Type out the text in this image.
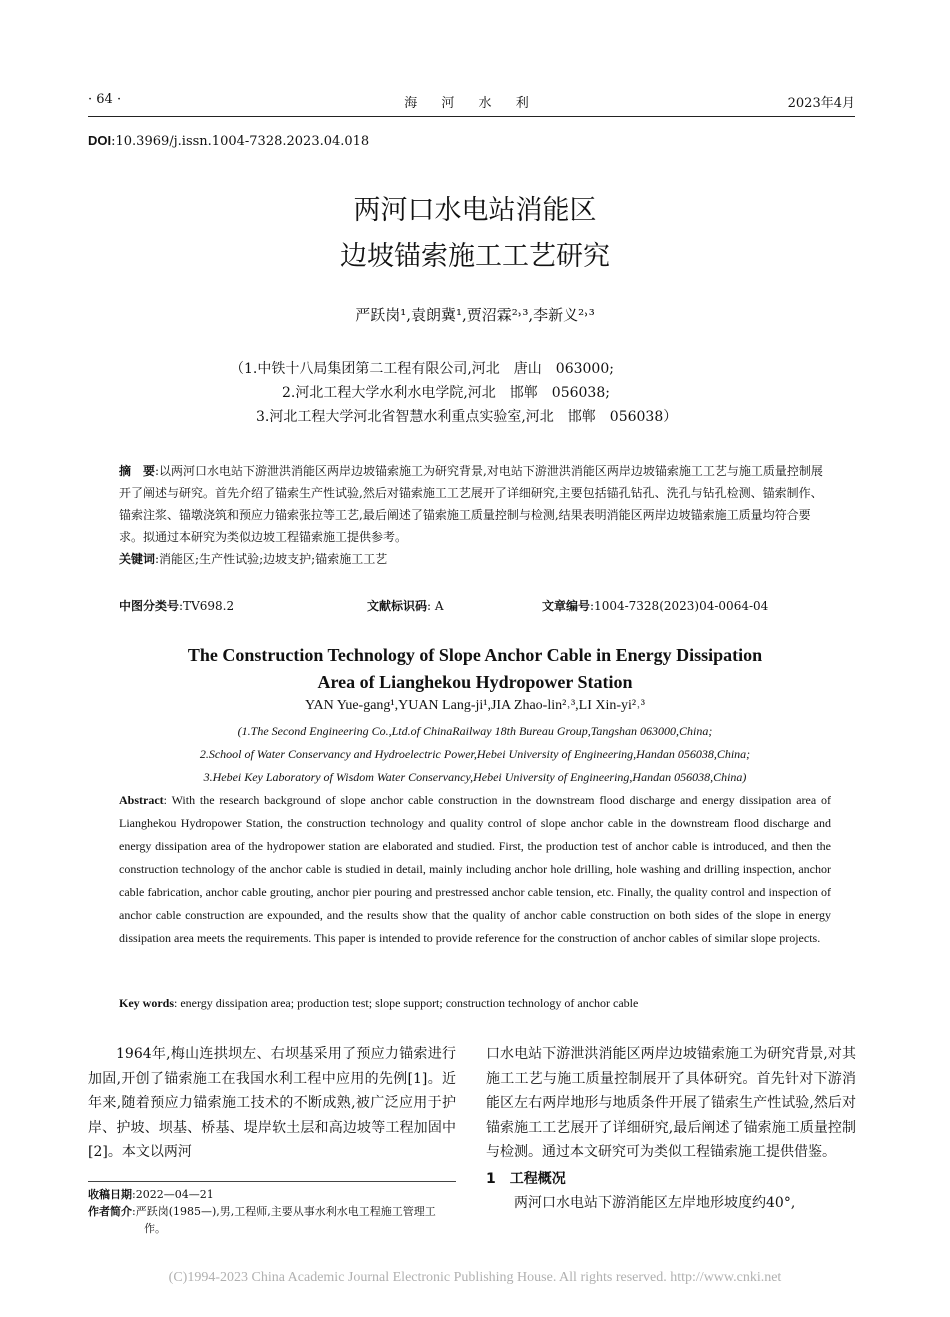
· 64 ·	海 河 水 利	2023年4月
DOI:10.3969/j.issn.1004-7328.2023.04.018
两河口水电站消能区
边坡锚索施工工艺研究
严跃岗¹,袁朗冀¹,贾沼霖²˒³,李新义²˒³
（1.中铁十八局集团第二工程有限公司,河北　唐山　063000;
2.河北工程大学水利水电学院,河北　邯郸　056038;
3.河北工程大学河北省智慧水利重点实验室,河北　邯郸　056038）
摘　要:以两河口水电站下游泄洪消能区两岸边坡锚索施工为研究背景,对电站下游泄洪消能区两岸边坡锚索施工工艺与施工质量控制展开了阐述与研究。首先介绍了锚索生产性试验,然后对锚索施工工艺展开了详细研究,主要包括锚孔钻孔、洗孔与钻孔检测、锚索制作、锚索注浆、锚墩浇筑和预应力锚索张拉等工艺,最后阐述了锚索施工质量控制与检测,结果表明消能区两岸边坡锚索施工质量均符合要求。拟通过本研究为类似边坡工程锚索施工提供参考。
关键词:消能区;生产性试验;边坡支护;锚索施工工艺
中图分类号:TV698.2	文献标识码: A	文章编号:1004-7328(2023)04-0064-04
The Construction Technology of Slope Anchor Cable in Energy Dissipation
Area of Lianghekou Hydropower Station
YAN Yue-gang¹,YUAN Lang-ji¹,JIA Zhao-lin²˒³,LI Xin-yi²˒³
(1.The Second Engineering Co.,Ltd.of ChinaRailway 18th Bureau Group,Tangshan 063000,China;
2.School of Water Conservancy and Hydroelectric Power,Hebei University of Engineering,Handan 056038,China;
3.Hebei Key Laboratory of Wisdom Water Conservancy,Hebei University of Engineering,Handan 056038,China)
Abstract: With the research background of slope anchor cable construction in the downstream flood discharge and energy dissipation area of Lianghekou Hydropower Station, the construction technology and quality control of slope anchor cable in the downstream flood discharge and energy dissipation area of the hydropower station are elaborated and studied. First, the production test of anchor cable is introduced, and then the construction technology of the anchor cable is studied in detail, mainly including anchor hole drilling, hole washing and drilling inspection, anchor cable fabrication, anchor cable grouting, anchor pier pouring and prestressed anchor cable tension, etc. Finally, the quality control and inspection of anchor cable construction are expounded, and the results show that the quality of anchor cable construction on both sides of the slope in energy dissipation area meets the requirements. This paper is intended to provide reference for the construction of anchor cables of similar slope projects.
Key words: energy dissipation area; production test; slope support; construction technology of anchor cable
1964年,梅山连拱坝左、右坝基采用了预应力锚索进行加固,开创了锚索施工在我国水利工程中应用的先例[1]。近年来,随着预应力锚索施工技术的不断成熟,被广泛应用于护岸、护坡、坝基、桥基、堤岸软土层和高边坡等工程加固中[2]。本文以两河
口水电站下游泄洪消能区两岸边坡锚索施工为研究背景,对其施工工艺与施工质量控制展开了具体研究。首先针对下游消能区左右两岸地形与地质条件开展了锚索生产性试验,然后对锚索施工工艺展开了详细研究,最后阐述了锚索施工质量控制与检测。通过本文研究可为类似工程锚索施工提供借鉴。
1　工程概况
两河口水电站下游消能区左岸地形坡度约40°,
收稿日期:2022—04—21
作者简介:严跃岗(1985—),男,工程师,主要从事水利水电工程施工管理工作。
(C)1994-2023 China Academic Journal Electronic Publishing House. All rights reserved. http://www.cnki.net
